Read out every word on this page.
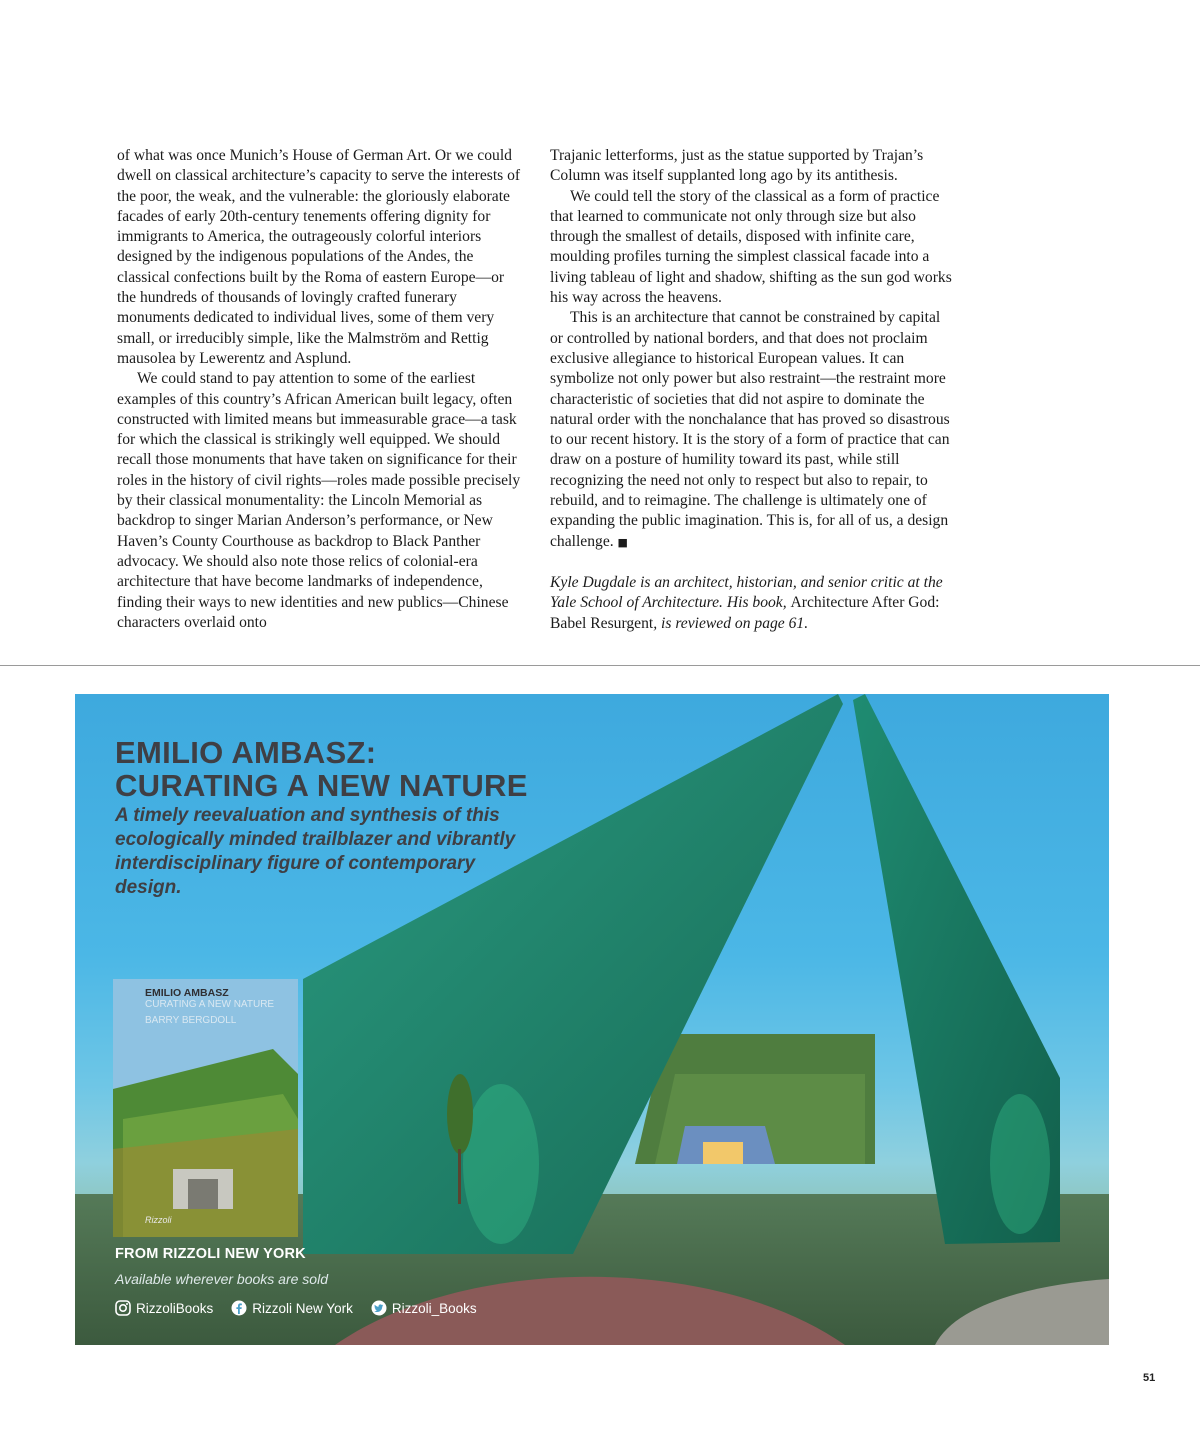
of what was once Munich’s House of German Art. Or we could dwell on classical architecture’s capacity to serve the interests of the poor, the weak, and the vulnerable: the gloriously elaborate facades of early 20th-century tenements offering dignity for immigrants to America, the outrageously colorful interiors designed by the indigenous populations of the Andes, the classical confections built by the Roma of eastern Europe—or the hundreds of thousands of lovingly crafted funerary monuments dedicated to individual lives, some of them very small, or irreducibly simple, like the Malmström and Rettig mausolea by Lewerentz and Asplund.

We could stand to pay attention to some of the earliest examples of this country’s African American built legacy, often constructed with limited means but immeasurable grace—a task for which the classical is strikingly well equipped. We should recall those monuments that have taken on significance for their roles in the history of civil rights—roles made possible precisely by their classical monumentality: the Lincoln Memorial as backdrop to singer Marian Anderson’s performance, or New Haven’s County Courthouse as backdrop to Black Panther advocacy. We should also note those relics of colonial-era architecture that have become landmarks of independence, finding their ways to new identities and new publics—Chinese characters overlaid onto

Trajanic letterforms, just as the statue supported by Trajan’s Column was itself supplanted long ago by its antithesis.

We could tell the story of the classical as a form of practice that learned to communicate not only through size but also through the smallest of details, disposed with infinite care, moulding profiles turning the simplest classical facade into a living tableau of light and shadow, shifting as the sun god works his way across the heavens.

This is an architecture that cannot be constrained by capital or controlled by national borders, and that does not proclaim exclusive allegiance to historical European values. It can symbolize not only power but also restraint—the restraint more characteristic of societies that did not aspire to dominate the natural order with the nonchalance that has proved so disastrous to our recent history. It is the story of a form of practice that can draw on a posture of humility toward its past, while still recognizing the need not only to respect but also to repair, to rebuild, and to reimagine. The challenge is ultimately one of expanding the public imagination. This is, for all of us, a design challenge. ■

Kyle Dugdale is an architect, historian, and senior critic at the Yale School of Architecture. His book, Architecture After God: Babel Resurgent, is reviewed on page 61.

EMILIO AMBASZ:
CURATING A NEW NATURE

A timely reevaluation and synthesis of this ecologically minded trailblazer and vibrantly interdisciplinary figure of contemporary design.

EMILIO AMBASZ
CURATING A NEW NATURE
BARRY BERGDOLL
Rizzoli
FROM RIZZOLI NEW YORK
Available wherever books are sold
RizzoliBooks	Rizzoli New York	Rizzoli_Books
51
